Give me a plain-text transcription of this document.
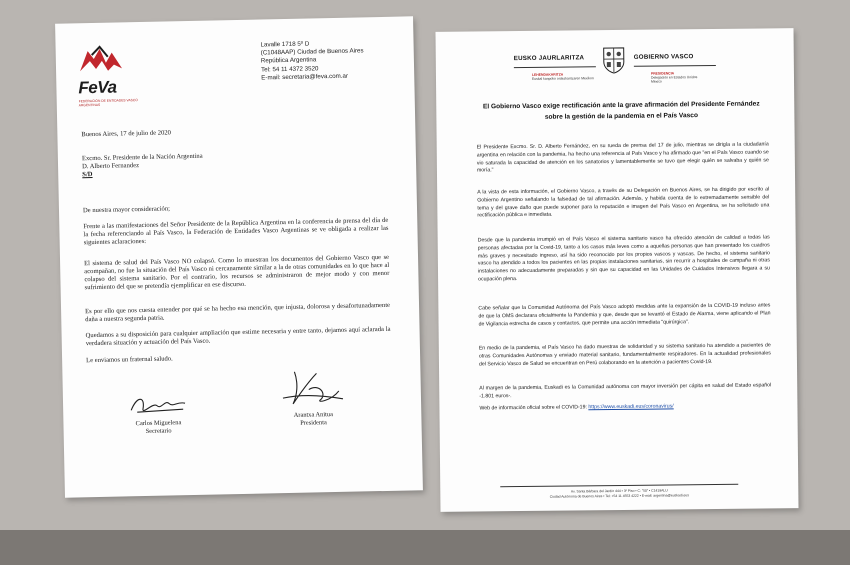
FeVa
FEDERACIÓN DE ENTIDADES VASCO ARGENTINAS
Lavalle 1718 5º D
(C1048AAP) Ciudad de Buenos Aires
República Argentina
Tel: 54 11 4372 3520
E-mail: secretaria@feva.com.ar
Buenos Aires, 17 de julio de 2020

Excmo. Sr. Presidente de la Nación Argentina

D. Alberto Fernandez

S/D

De nuestra mayor consideración;
Frente a las manifestaciones del Señor Presidente de la República Argentina en la conferencia de prensa del día de la fecha referenciando al País Vasco, la Federación de Entidades Vasco Argentinas se ve obligada a realizar las siguientes aclaraciones:
El sistema de salud del País Vasco NO colapsó. Como lo muestran los documentos del Gobierno Vasco que se acompañan, no fue la situación del País Vasco ni cercanamente similar a la de otras comunidades en lo que hace al colapso del sistema sanitario. Por el contrario, los recursos se administraron de mejor modo y con menor sufrimiento del que se pretendía ejemplificar en ese discurso.
Es por ello que nos cuesta entender por qué se ha hecho esa mención, que injusta, dolorosa y desafortunadamente daña a nuestra segunda patria.
Quedamos a su disposición para cualquier ampliación que estime necesaria y entre tanto, dejamos aquí aclarada la verdadera situación y actuación del País Vasco.
Le enviamos un fraternal saludo.
Carlos Miguelena
Secretario
Arantxa Anitua
Presidenta
EUSKO JAURLARITZA	GOBIERNO VASCO
LEHENDAKARITZA
Euskal kanpoko ordezkaritzaren Mexikon
PRESIDENCIA
Delegación en Estados Unidos
México
El Gobierno Vasco exige rectificación ante la grave afirmación del Presidente Fernández sobre la gestión de la pandemia en el País Vasco
El Presidente Excmo. Sr. D. Alberto Fernández, en su rueda de prensa del 17 de julio, mientras se dirigía a la ciudadanía argentina en relación con la pandemia, ha hecho una referencia al País Vasco y ha afirmado que "en el País Vasco cuando se vio saturada la capacidad de atención en los sanatorios y lamentablemente se tuvo que elegir quién se salvaba y quién se moría."
A la vista de esta información, el Gobierno Vasco, a través de su Delegación en Buenos Aires, se ha dirigido por escrito al Gobierno Argentino señalando la falsedad de tal afirmación. Además, y habida cuenta de lo extremadamente sensible del tema y del grave daño que puede suponer para la reputación e imagen del País Vasco en Argentina, se ha solicitado una rectificación pública e inmediata.
Desde que la pandemia irrumpió en el País Vasco el sistema sanitario vasco ha ofrecido atención de calidad a todas las personas afectadas por la Covid-19, tanto a los casos más leves como a aquellas personas que han presentado los cuadros más graves y necesitado ingreso, así ha sido reconocido por los propios vascos y vascas. De hecho, el sistema sanitario vasco ha atendido a todos los pacientes en las propias instalaciones sanitarias, sin recurrir a hospitales de campaña ni otras instalaciones no adecuadamente preparadas y sin que su capacidad en las Unidades de Cuidados Intensivos llegara a su ocupación plena.
Cabe señalar que la Comunidad Autónoma del País Vasco adoptó medidas ante la expansión de la COVID-19 incluso antes de que la OMS declarara oficialmente la Pandemia y que, desde que se levantó el Estado de Alarma, viene aplicando el Plan de Vigilancia estrecha de casos y contactos, que permite una acción inmediata "quirúrgica".
En medio de la pandemia, el País Vasco ha dado muestras de solidaridad y su sistema sanitario ha atendido a pacientes de otras Comunidades Autónomas y enviado material sanitario, fundamentalmente respiradores. En la actualidad profesionales del Servicio Vasco de Salud se encuentran en Perú colaborando en la atención a pacientes Covid-19.
Al margen de la pandemia, Euskadi es la Comunidad autónoma con mayor inversión per cápita en salud del Estado español -1.801 euros-.
Web de información oficial sobre el COVID-19: https://www.euskadi.eus/coronavirus/
Av. Santa Bárbara del Jardín 444 • 3º Piso • C: "50" • C1419ALU
Ciudad Autónoma de Buenos Aires • Tel: +54 11 4553 4222 • E-mail: argentina@euskadi.eus
